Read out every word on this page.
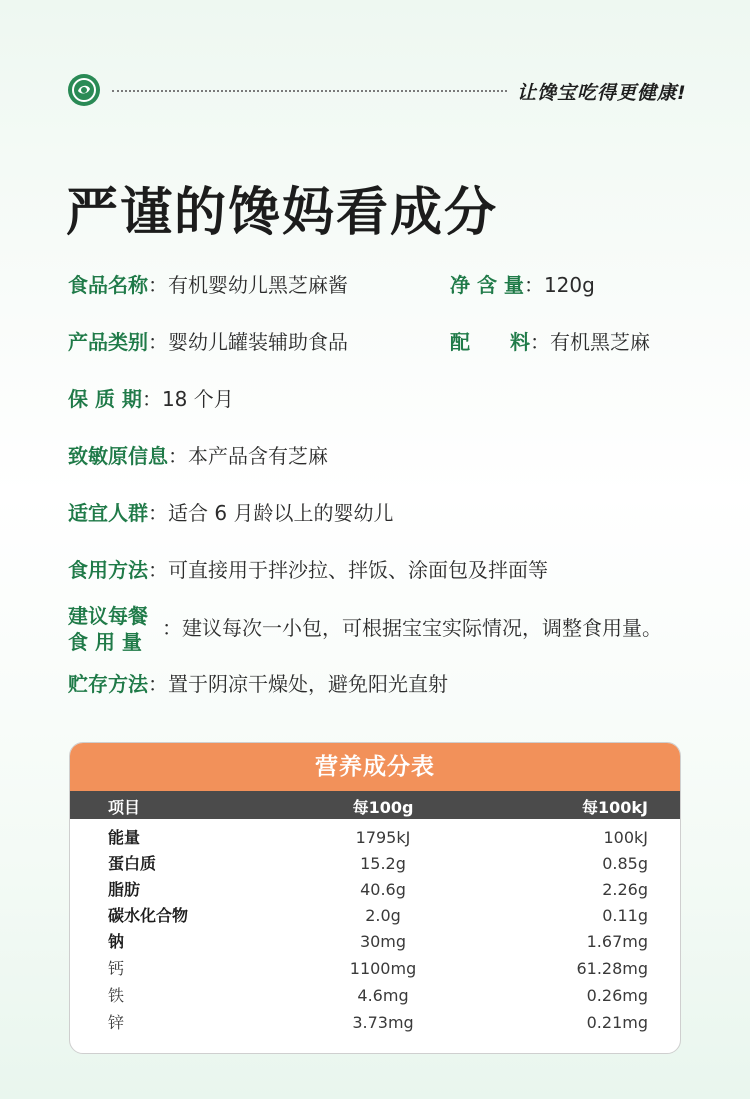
让馋宝吃得更健康!
严谨的馋妈看成分
食品名称：有机婴幼儿黑芝麻酱	净 含 量：120g
产品类别：婴幼儿罐装辅助食品	配　　料：有机黑芝麻
保 质 期：18 个月
致敏原信息：本产品含有芝麻
适宜人群：适合 6 月龄以上的婴幼儿
食用方法：可直接用于拌沙拉、拌饭、涂面包及拌面等
建议每餐
食 用 量
：建议每次一小包，可根据宝宝实际情况，调整食用量。
贮存方法：置于阴凉干燥处，避免阳光直射
营养成分表
项目	每100g	每100kJ
能量	1795kJ	100kJ
蛋白质	15.2g	0.85g
脂肪	40.6g	2.26g
碳水化合物	2.0g	0.11g
钠	30mg	1.67mg
钙	1100mg	61.28mg
铁	4.6mg	0.26mg
锌	3.73mg	0.21mg
